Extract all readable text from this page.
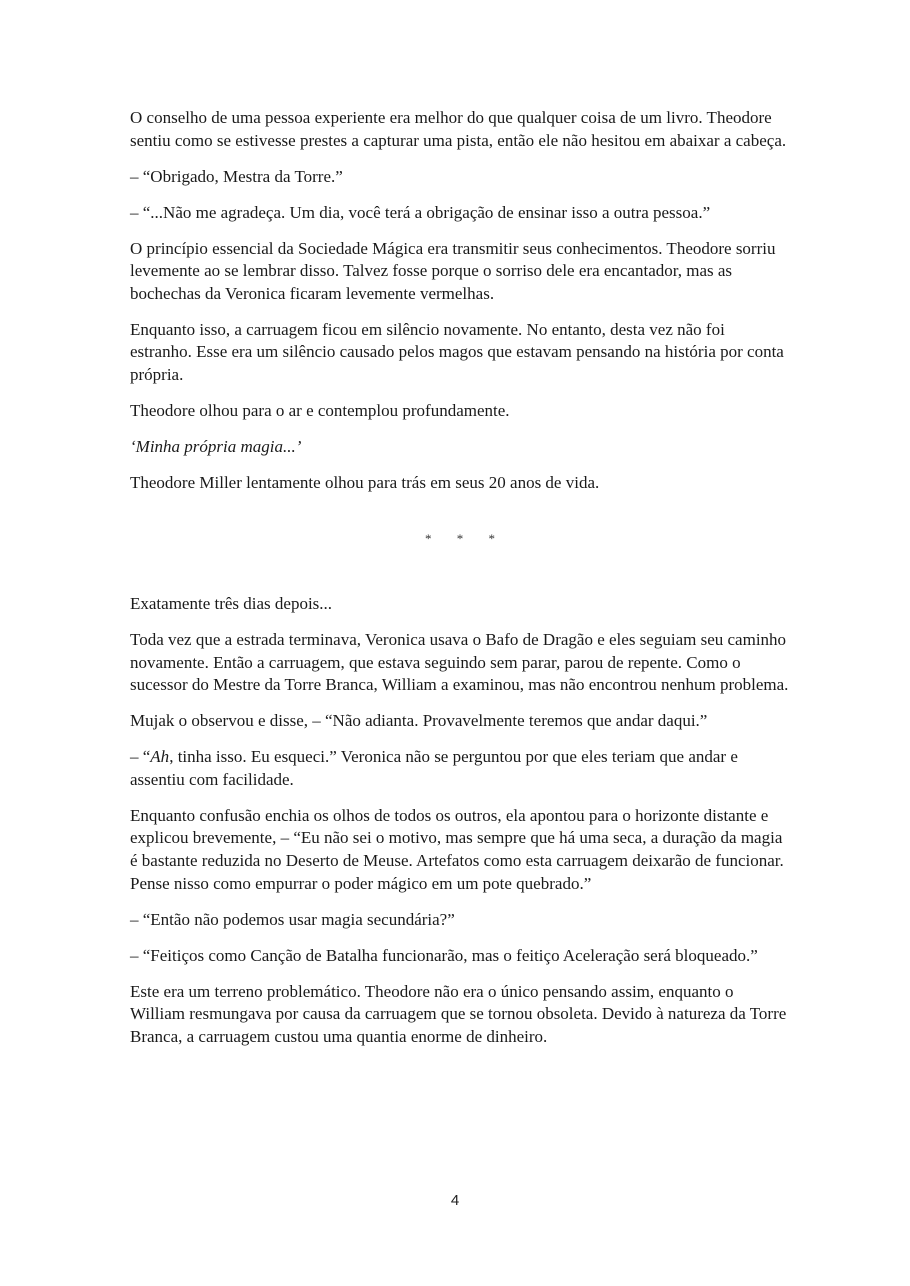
O conselho de uma pessoa experiente era melhor do que qualquer coisa de um livro. Theodore sentiu como se estivesse prestes a capturar uma pista, então ele não hesitou em abaixar a cabeça.

– “Obrigado, Mestra da Torre.”

– “...Não me agradeça. Um dia, você terá a obrigação de ensinar isso a outra pessoa.”

O princípio essencial da Sociedade Mágica era transmitir seus conhecimentos. Theodore sorriu levemente ao se lembrar disso. Talvez fosse porque o sorriso dele era encantador, mas as bochechas da Veronica ficaram levemente vermelhas.

Enquanto isso, a carruagem ficou em silêncio novamente. No entanto, desta vez não foi estranho. Esse era um silêncio causado pelos magos que estavam pensando na história por conta própria.

Theodore olhou para o ar e contemplou profundamente.

‘Minha própria magia...’

Theodore Miller lentamente olhou para trás em seus 20 anos de vida.

* * *

Exatamente três dias depois...

Toda vez que a estrada terminava, Veronica usava o Bafo de Dragão e eles seguiam seu caminho novamente. Então a carruagem, que estava seguindo sem parar, parou de repente. Como o sucessor do Mestre da Torre Branca, William a examinou, mas não encontrou nenhum problema.

Mujak o observou e disse, – “Não adianta. Provavelmente teremos que andar daqui.”

– “Ah, tinha isso. Eu esqueci.” Veronica não se perguntou por que eles teriam que andar e assentiu com facilidade.

Enquanto confusão enchia os olhos de todos os outros, ela apontou para o horizonte distante e explicou brevemente, – “Eu não sei o motivo, mas sempre que há uma seca, a duração da magia é bastante reduzida no Deserto de Meuse. Artefatos como esta carruagem deixarão de funcionar. Pense nisso como empurrar o poder mágico em um pote quebrado.”

– “Então não podemos usar magia secundária?”

– “Feitiços como Canção de Batalha funcionarão, mas o feitiço Aceleração será bloqueado.”

Este era um terreno problemático. Theodore não era o único pensando assim, enquanto o William resmungava por causa da carruagem que se tornou obsoleta. Devido à natureza da Torre Branca, a carruagem custou uma quantia enorme de dinheiro.

4
